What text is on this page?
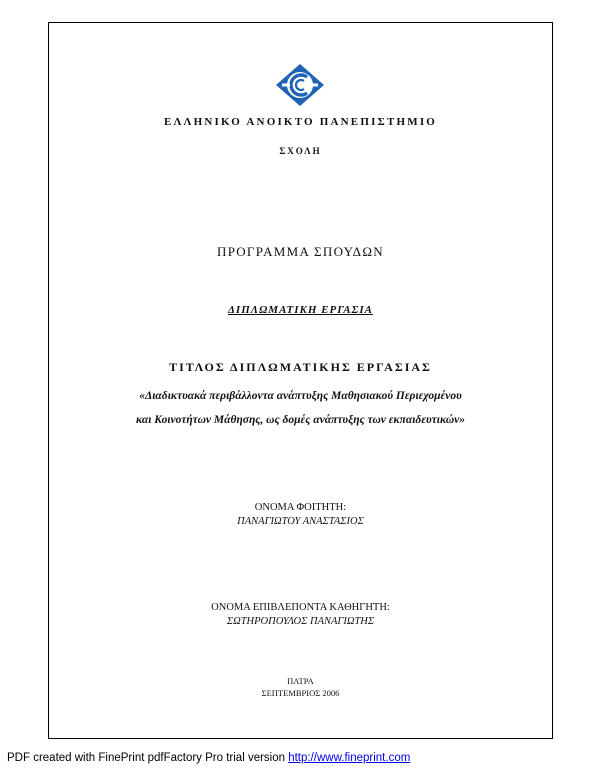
ΕΛΛΗΝΙΚΟ ΑΝΟΙΚΤΟ ΠΑΝΕΠΙΣΤΗΜΙΟ
ΣΧΟΛΗ
ΠΡΟΓΡΑΜΜΑ ΣΠΟΥΔΩΝ
ΔΙΠΛΩΜΑΤΙΚΗ ΕΡΓΑΣΙΑ
ΤΙΤΛΟΣ ΔΙΠΛΩΜΑΤΙΚΗΣ ΕΡΓΑΣΙΑΣ
«Διαδικτυακά περιβάλλοντα ανάπτυξης Μαθησιακού Περιεχομένου
και Κοινοτήτων Μάθησης, ως δομές ανάπτυξης των εκπαιδευτικών»
ΟΝΟΜΑ ΦΟΙΤΗΤΗ:
ΠΑΝΑΓΙΩΤΟΥ ΑΝΑΣΤΑΣΙΟΣ
ΟΝΟΜΑ ΕΠΙΒΛΕΠΟΝΤΑ ΚΑΘΗΓΗΤΗ:
ΣΩΤΗΡΟΠΟΥΛΟΣ ΠΑΝΑΓΙΩΤΗΣ
ΠΑΤΡΑ
ΣΕΠΤΕΜΒΡΙΟΣ 2006
PDF created with FinePrint pdfFactory Pro trial version http://www.fineprint.com
